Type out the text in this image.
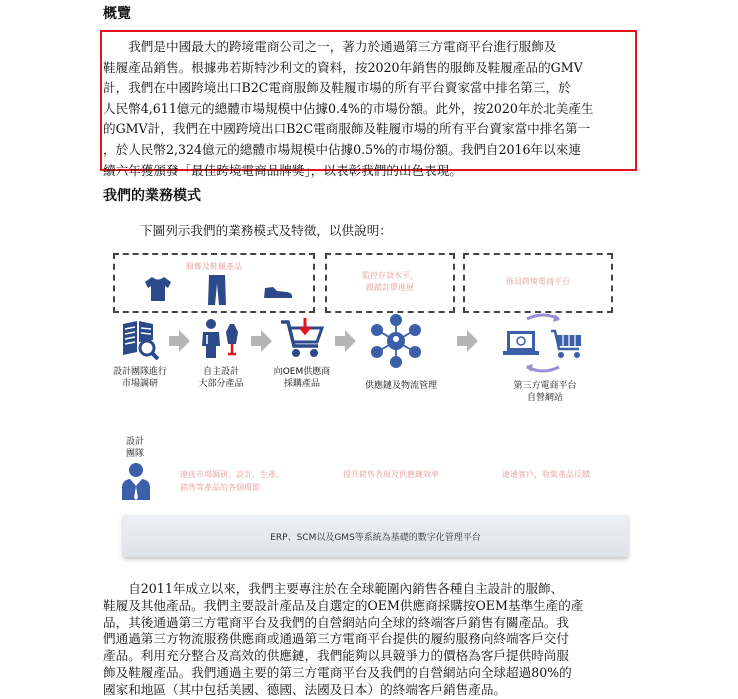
概覽

　　我們是中國最大的跨境電商公司之一，著力於通過第三方電商平台進行服飾及

鞋履產品銷售。根據弗若斯特沙利文的資料，按2020年銷售的服飾及鞋履產品的GMV

計，我們在中國跨境出口B2C電商服飾及鞋履市場的所有平台賣家當中排名第三，於

人民幣4,611億元的總體市場規模中佔據0.4%的市場份額。此外，按2020年於北美產生

的GMV計，我們在中國跨境出口B2C電商服飾及鞋履市場的所有平台賣家當中排名第一

，於人民幣2,324億元的總體市場規模中佔據0.5%的市場份額。我們自2016年以來連

續六年獲頒發「最佳跨境電商品牌獎」，以表彰我們的出色表現。

我們的業務模式
下圖列示我們的業務模式及特徵，以供說明：
服飾及鞋履產品
監控存貨水平，
跟蹤訂單進展
佈局跨境電商平台
設計團隊進行
市場調研
自主設計
大部分產品
向OEM供應商
採購產品	供應鏈及物流管理	第三方電商平台
自營網站
設計
團隊
連接市場調研、設計、生產、
銷售等產品的各個環節
提升銷售表現及供應鏈效率	連通客戶，收集產品反饋
ERP、SCM以及GMS等系統為基礎的數字化管理平台

　　自2011年成立以來，我們主要專注於在全球範圍內銷售各種自主設計的服飾、

鞋履及其他產品。我們主要設計產品及自選定的OEM供應商採購按OEM基準生產的產

品，其後通過第三方電商平台及我們的自營網站向全球的終端客戶銷售有關產品。我

們通過第三方物流服務供應商或通過第三方電商平台提供的履約服務向終端客戶交付

產品。利用充分整合及高效的供應鏈，我們能夠以具競爭力的價格為客戶提供時尚服

飾及鞋履產品。我們通過主要的第三方電商平台及我們的自營網站向全球超過80%的

國家和地區（其中包括美國、德國、法國及日本）的終端客戶銷售產品。
